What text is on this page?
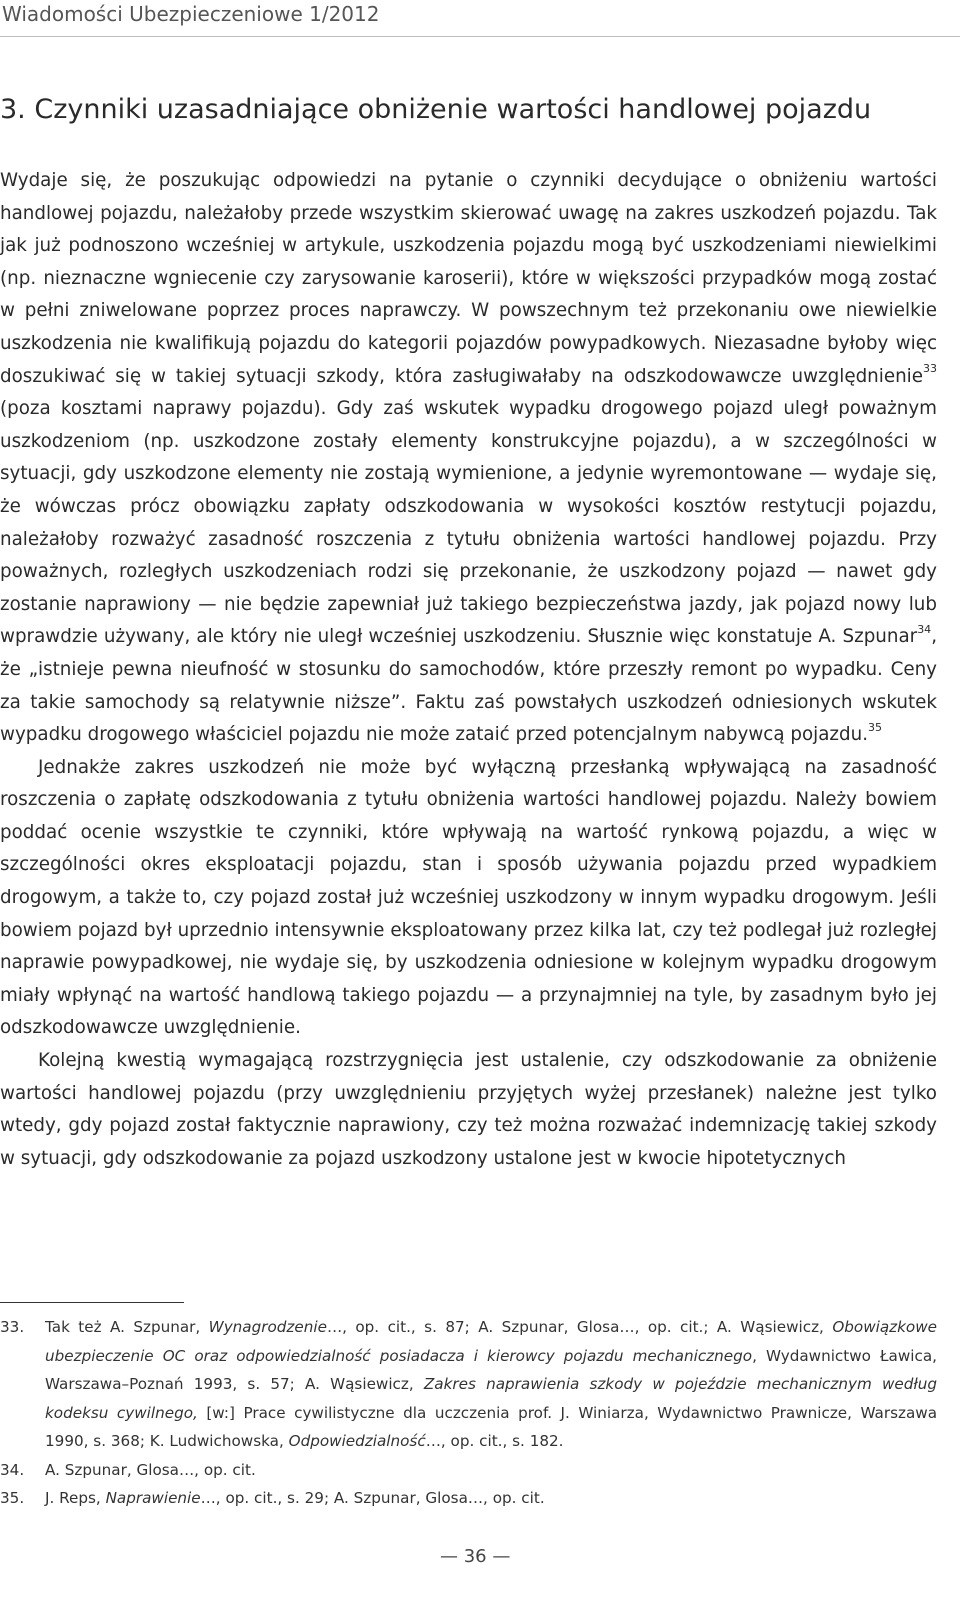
Wiadomości Ubezpieczeniowe 1/2012
3. Czynniki uzasadniające obniżenie wartości handlowej pojazdu

Wydaje się, że poszukując odpowiedzi na pytanie o czynniki decydujące o obniżeniu wartości handlowej pojazdu, należałoby przede wszystkim skierować uwagę na zakres uszkodzeń pojazdu. Tak jak już podnoszono wcześniej w artykule, uszkodzenia pojazdu mogą być uszkodzeniami niewielkimi (np. nieznaczne wgniecenie czy zarysowanie karoserii), które w większości przypadków mogą zostać w pełni zniwelowane poprzez proces naprawczy. W powszechnym też przekonaniu owe niewielkie uszkodzenia nie kwalifikują pojazdu do kategorii pojazdów powypadkowych. Niezasadne byłoby więc doszukiwać się w takiej sytuacji szkody, która zasługiwałaby na odszkodowawcze uwzględnienie$^{33}$ (poza kosztami naprawy pojazdu). Gdy zaś wskutek wypadku drogowego pojazd uległ poważnym uszkodzeniom (np. uszkodzone zostały elementy konstrukcyjne pojazdu), a w szczególności w sytuacji, gdy uszkodzone elementy nie zostają wymienione, a jedynie wyremontowane — wydaje się, że wówczas prócz obowiązku zapłaty odszkodowania w wysokości kosztów restytucji pojazdu, należałoby rozważyć zasadność roszczenia z tytułu obniżenia wartości handlowej pojazdu. Przy poważnych, rozległych uszkodzeniach rodzi się przekonanie, że uszkodzony pojazd — nawet gdy zostanie naprawiony — nie będzie zapewniał już takiego bezpieczeństwa jazdy, jak pojazd nowy lub wprawdzie używany, ale który nie uległ wcześniej uszkodzeniu. Słusznie więc konstatuje A. Szpunar$^{34}$, że „istnieje pewna nieufność w stosunku do samochodów, które przeszły remont po wypadku. Ceny za takie samochody są relatywnie niższe”. Faktu zaś powstałych uszkodzeń odniesionych wskutek wypadku drogowego właściciel pojazdu nie może zataić przed potencjalnym nabywcą pojazdu.$^{35}$

Jednakże zakres uszkodzeń nie może być wyłączną przesłanką wpływającą na zasadność roszczenia o zapłatę odszkodowania z tytułu obniżenia wartości handlowej pojazdu. Należy bowiem poddać ocenie wszystkie te czynniki, które wpływają na wartość rynkową pojazdu, a więc w szczególności okres eksploatacji pojazdu, stan i sposób używania pojazdu przed wypadkiem drogowym, a także to, czy pojazd został już wcześniej uszkodzony w innym wypadku drogowym. Jeśli bowiem pojazd był uprzednio intensywnie eksploatowany przez kilka lat, czy też podlegał już rozległej naprawie powypadkowej, nie wydaje się, by uszkodzenia odniesione w kolejnym wypadku drogowym miały wpłynąć na wartość handlową takiego pojazdu — a przynajmniej na tyle, by zasadnym było jej odszkodowawcze uwzględnienie.

Kolejną kwestią wymagającą rozstrzygnięcia jest ustalenie, czy odszkodowanie za obniżenie wartości handlowej pojazdu (przy uwzględnieniu przyjętych wyżej przesłanek) należne jest tylko wtedy, gdy pojazd został faktycznie naprawiony, czy też można rozważać indemnizację takiej szkody w sytuacji, gdy odszkodowanie za pojazd uszkodzony ustalone jest w kwocie hipotetycznych

33.	Tak też A. Szpunar, Wynagrodzenie…, op. cit., s. 87; A. Szpunar, Glosa…, op. cit.; A. Wąsiewicz, Obowiązkowe ubezpieczenie OC oraz odpowiedzialność posiadacza i kierowcy pojazdu mechanicznego, Wydawnictwo Ławica, Warszawa–Poznań 1993, s. 57; A. Wąsiewicz, Zakres naprawienia szkody w pojeździe mechanicznym według kodeksu cywilnego, [w:] Prace cywilistyczne dla uczczenia prof. J. Winiarza, Wydawnictwo Prawnicze, Warszawa 1990, s. 368; K. Ludwichowska, Odpowiedzialność…, op. cit., s. 182.
34.	A. Szpunar, Glosa…, op. cit.
35.	J. Reps, Naprawienie…, op. cit., s. 29; A. Szpunar, Glosa…, op. cit.
— 36 —
